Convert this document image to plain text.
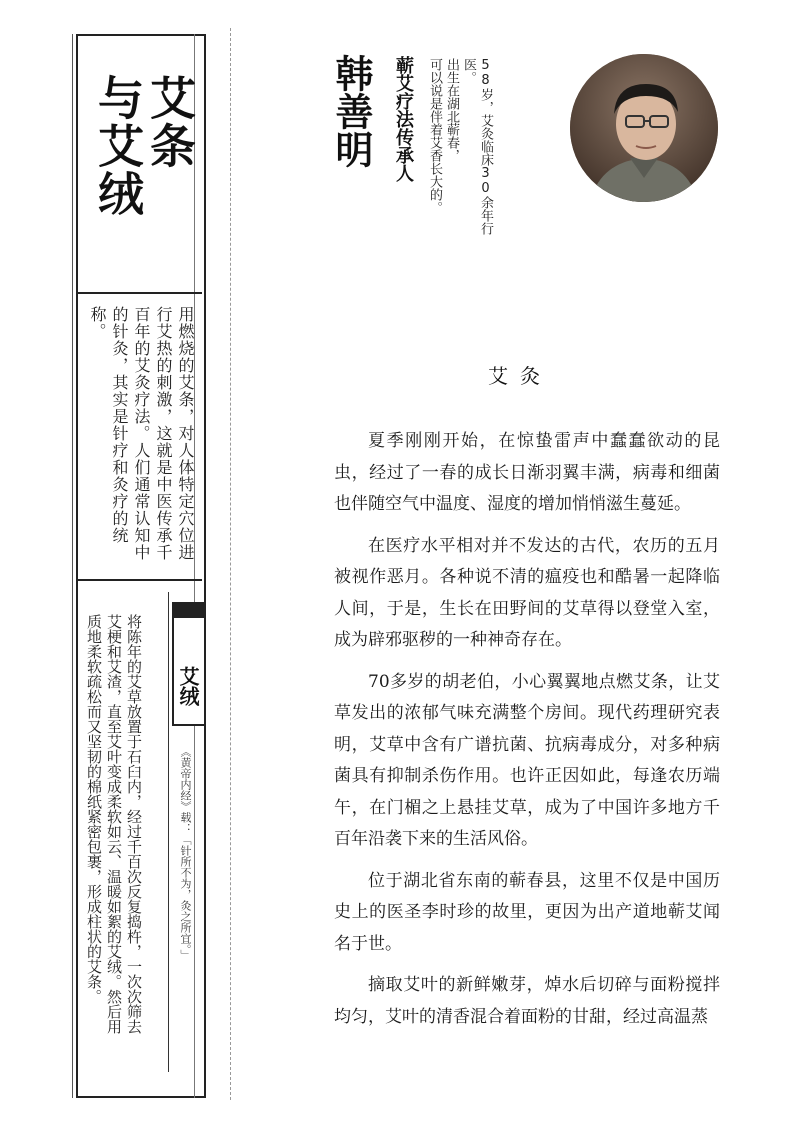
艾条
与艾绒
用燃烧的艾条，对人体特定穴位进行艾热的刺激，这就是中医传承千百年的艾灸疗法。人们通常认知中的针灸，其实是针疗和灸疗的统称。
将陈年的艾草放置于石臼内，经过千百次反复捣杵，一次次筛去
艾梗和艾渣，直至艾叶变成柔软如云、温暖如絮的艾绒。然后用
质地柔软疏松而又坚韧的棉纸紧密包裹，形成柱状的艾条。	艾绒
《黄帝内经》载：「针所不为，灸之所宜。」
韩善明 蕲艾疗法传承人	58岁，艾灸临床30余年行医。
出生在湖北蕲春，
可以说是伴着艾香长大的。
艾灸

夏季刚刚开始，在惊蛰雷声中蠢蠢欲动的昆虫，经过了一春的成长日渐羽翼丰满，病毒和细菌也伴随空气中温度、湿度的增加悄悄滋生蔓延。

在医疗水平相对并不发达的古代，农历的五月被视作恶月。各种说不清的瘟疫也和酷暑一起降临人间，于是，生长在田野间的艾草得以登堂入室，成为辟邪驱秽的一种神奇存在。

70多岁的胡老伯，小心翼翼地点燃艾条，让艾草发出的浓郁气味充满整个房间。现代药理研究表明，艾草中含有广谱抗菌、抗病毒成分，对多种病菌具有抑制杀伤作用。也许正因如此，每逢农历端午，在门楣之上悬挂艾草，成为了中国许多地方千百年沿袭下来的生活风俗。

位于湖北省东南的蕲春县，这里不仅是中国历史上的医圣李时珍的故里，更因为出产道地蕲艾闻名于世。

摘取艾叶的新鲜嫩芽，焯水后切碎与面粉搅拌均匀，艾叶的清香混合着面粉的甘甜，经过高温蒸
